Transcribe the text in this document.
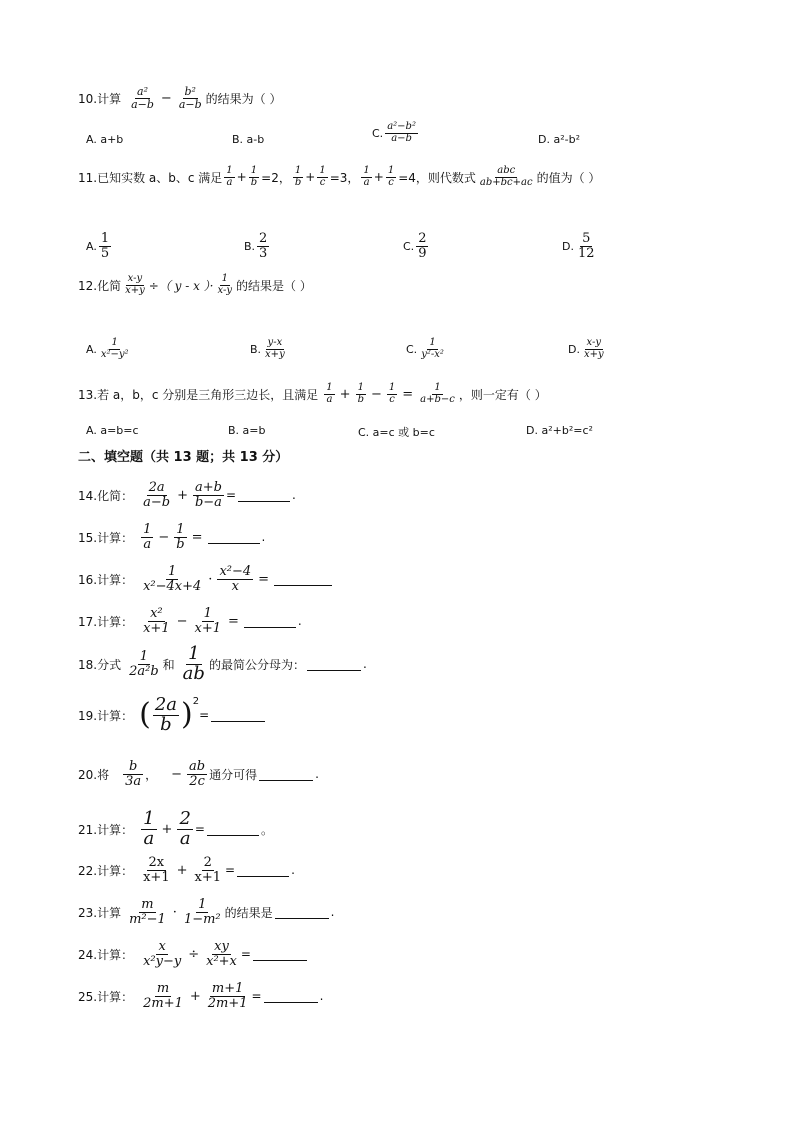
10.计算 $\frac{\text{a²}}{a-b} - \frac{\text{b²}}{a-b}$ 的结果为（ ）
A. a+b	B. a-b	C. $\frac{\text{a²−b²}}{a-b}$	D. a²-b²
11.已知实数 a、b、c 满足 $\frac{1}{a} + \frac{1}{b} =2$， $\frac{1}{b} + \frac{1}{c} =3$， $\frac{1}{a} + \frac{1}{c} =4$，则代数式 $\frac{\text{abc}}{ab+bc+ac}$ 的值为（ ）
A. $\frac{1}{5}$	B. $\frac{2}{3}$	C. $\frac{2}{9}$	D. $\frac{5}{12}$
12.化简 $\frac{x-y}{x+y}$ ÷（ y - x ）· $\frac{1}{x-y}$ 的结果是（ ）
A. $\frac{1}{\text{x²−y²}}$	B. $\frac{y-x}{x+y}$	C. $\frac{1}{\text{y²-x²}}$	D. $\frac{x-y}{x+y}$
13.若 a，b，c 分别是三角形三边长，且满足 $\frac{1}{a} + \frac{1}{b} - \frac{1}{c} = \frac{1}{a+b-c}$ ，则一定有（ ）
A. a=b=c	B. a=b	C. a=c 或 b=c	D. a²+b²=c²
二、填空题（共 13 题；共 13 分）
14.化简： $\frac{2a}{a-b} + \frac{a+b}{b-a}$ =	.
15.计算： $\frac{1}{a} - \frac{1}{b}$ =	.
16.计算： $\frac{1}{\text{x²−4x+4}} \cdot \frac{\text{x²−4}}{x}$ =
17.计算： $\frac{\text{x²}}{x+1} - \frac{1}{x+1}$ =	.
18.分式 $\frac{1}{\text{2a²b}}$ 和 $\frac{1}{ab}$ 的最简公分母为：	.
19.计算： ( $\frac{2a}{b}$ ) 2
=
20.将 $\frac{b}{3a}$ ， − $\frac{ab}{2c}$ 通分可得	.
21.计算： $\frac{1}{a} + \frac{2}{a}$ =	。
22.计算： $\frac{2x}{x+1} + \frac{2}{x+1}$ =	.
23.计算 $\frac{m}{\text{m²−1}} \cdot \frac{1}{\text{1−m²}}$ 的结果是	.
24.计算： $\frac{x}{\text{x²y−y}} \div \frac{xy}{\text{x²+x}}$ =
25.计算： $\frac{m}{2m+1} + \frac{m+1}{2m+1}$ =	.
